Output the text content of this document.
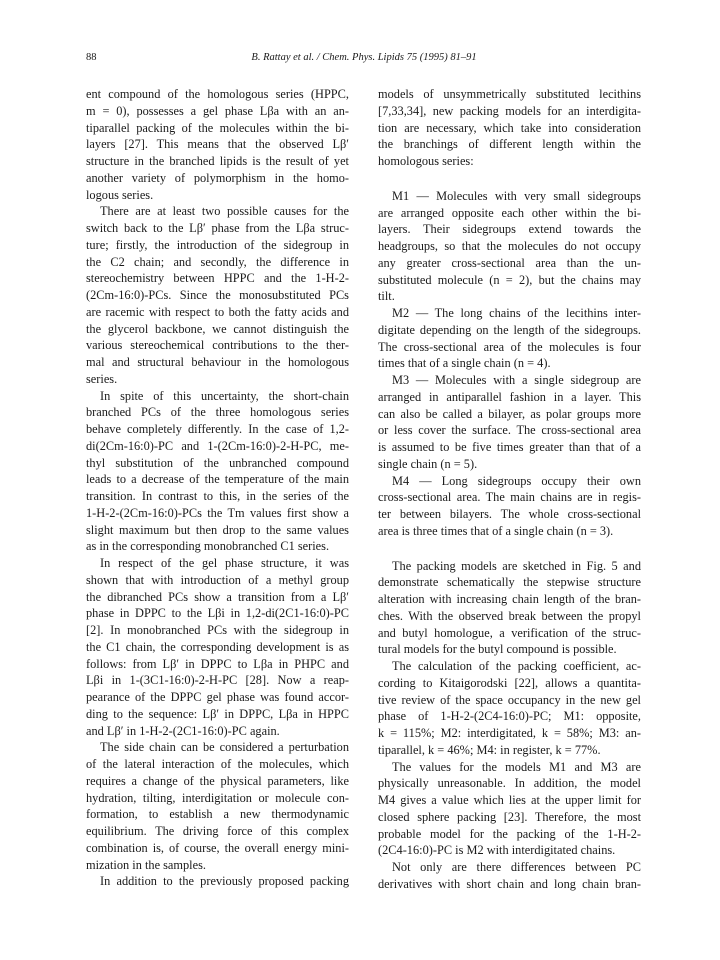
88	B. Rattay et al. / Chem. Phys. Lipids 75 (1995) 81–91
ent compound of the homologous series (HPPC,
m = 0), possesses a gel phase Lβa with an an-
tiparallel packing of the molecules within the bi-
layers [27]. This means that the observed Lβ′
structure in the branched lipids is the result of yet
another variety of polymorphism in the homo-
logous series.
There are at least two possible causes for the
switch back to the Lβ′ phase from the Lβa struc-
ture; firstly, the introduction of the sidegroup in
the C2 chain; and secondly, the difference in
stereochemistry between HPPC and the 1-H-2-
(2Cm-16:0)-PCs. Since the monosubstituted PCs
are racemic with respect to both the fatty acids and
the glycerol backbone, we cannot distinguish the
various stereochemical contributions to the ther-
mal and structural behaviour in the homologous
series.
In spite of this uncertainty, the short-chain
branched PCs of the three homologous series
behave completely differently. In the case of 1,2-
di(2Cm-16:0)-PC and 1-(2Cm-16:0)-2-H-PC, me-
thyl substitution of the unbranched compound
leads to a decrease of the temperature of the main
transition. In contrast to this, in the series of the
1-H-2-(2Cm-16:0)-PCs the Tm values first show a
slight maximum but then drop to the same values
as in the corresponding monobranched C1 series.
In respect of the gel phase structure, it was
shown that with introduction of a methyl group
the dibranched PCs show a transition from a Lβ′
phase in DPPC to the Lβi in 1,2-di(2C1-16:0)-PC
[2]. In monobranched PCs with the sidegroup in
the C1 chain, the corresponding development is as
follows: from Lβ′ in DPPC to Lβa in PHPC and
Lβi in 1-(3C1-16:0)-2-H-PC [28]. Now a reap-
pearance of the DPPC gel phase was found accor-
ding to the sequence: Lβ′ in DPPC, Lβa in HPPC
and Lβ′ in 1-H-2-(2C1-16:0)-PC again.
The side chain can be considered a perturbation
of the lateral interaction of the molecules, which
requires a change of the physical parameters, like
hydration, tilting, interdigitation or molecule con-
formation, to establish a new thermodynamic
equilibrium. The driving force of this complex
combination is, of course, the overall energy mini-
mization in the samples.
In addition to the previously proposed packing
models of unsymmetrically substituted lecithins
[7,33,34], new packing models for an interdigita-
tion are necessary, which take into consideration
the branchings of different length within the
homologous series:
M1 — Molecules with very small sidegroups
are arranged opposite each other within the bi-
layers. Their sidegroups extend towards the
headgroups, so that the molecules do not occupy
any greater cross-sectional area than the un-
substituted molecule (n = 2), but the chains may
tilt.
M2 — The long chains of the lecithins inter-
digitate depending on the length of the sidegroups.
The cross-sectional area of the molecules is four
times that of a single chain (n = 4).
M3 — Molecules with a single sidegroup are
arranged in antiparallel fashion in a layer. This
can also be called a bilayer, as polar groups more
or less cover the surface. The cross-sectional area
is assumed to be five times greater than that of a
single chain (n = 5).
M4 — Long sidegroups occupy their own
cross-sectional area. The main chains are in regis-
ter between bilayers. The whole cross-sectional
area is three times that of a single chain (n = 3).
The packing models are sketched in Fig. 5 and
demonstrate schematically the stepwise structure
alteration with increasing chain length of the bran-
ches. With the observed break between the propyl
and butyl homologue, a verification of the struc-
tural models for the butyl compound is possible.
The calculation of the packing coefficient, ac-
cording to Kitaigorodski [22], allows a quantita-
tive review of the space occupancy in the new gel
phase of 1-H-2-(2C4-16:0)-PC; M1: opposite,
k = 115%; M2: interdigitated, k = 58%; M3: an-
tiparallel, k = 46%; M4: in register, k = 77%.
The values for the models M1 and M3 are
physically unreasonable. In addition, the model
M4 gives a value which lies at the upper limit for
closed sphere packing [23]. Therefore, the most
probable model for the packing of the 1-H-2-
(2C4-16:0)-PC is M2 with interdigitated chains.
Not only are there differences between PC
derivatives with short chain and long chain bran-
